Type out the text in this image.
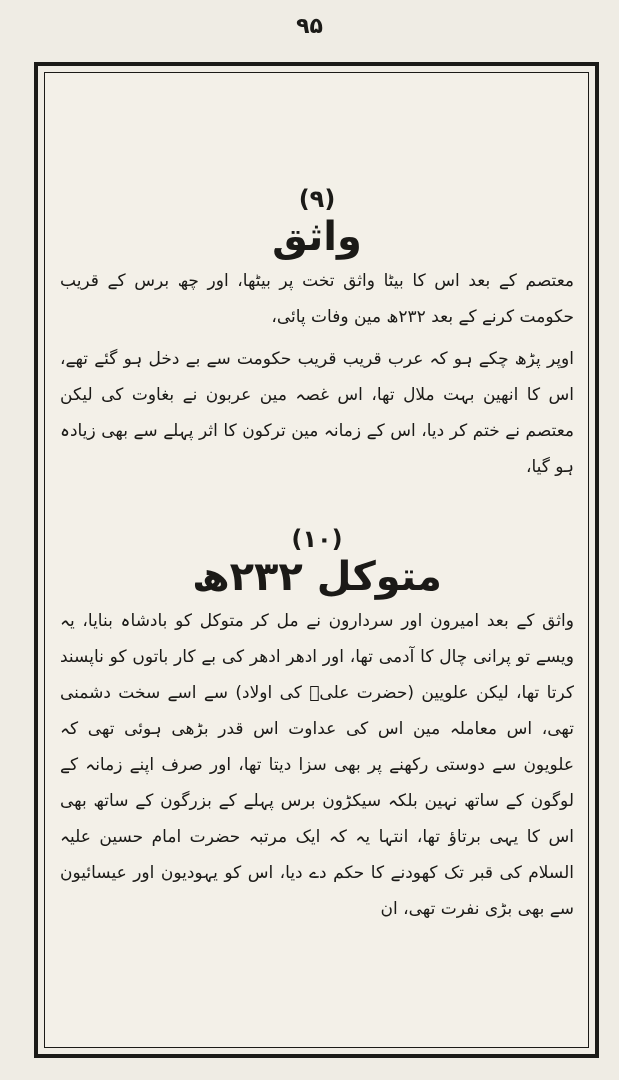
۹۵
(۹)
واثق

معتصم کے بعد اس کا بیٹا واثق تخت پر بیٹھا، اور چھ برس کے قریب حکومت کرنے کے بعد ۲۳۲ھ مین وفات پائی،

اوپر پڑھ چکے ہو کہ عرب قریب قریب حکومت سے بے دخل ہو گئے تھے، اس کا انھین بہت ملال تھا، اس غصہ مین عربون نے بغاوت کی لیکن معتصم نے ختم کر دیا، اس کے زمانہ مین ترکون کا اثر پہلے سے بھی زیادہ ہو گیا،

(۱۰)
متوکل ۲۳۲ھ

واثق کے بعد امیرون اور سردارون نے مل کر متوکل کو بادشاہ بنایا، یہ ویسے تو پرانی چال کا آدمی تھا، اور ادھر ادھر کی بے کار باتوں کو ناپسند کرتا تھا، لیکن علویین (حضرت علیؓ کی اولاد) سے اسے سخت دشمنی تھی، اس معاملہ مین اس کی عداوت اس قدر بڑھی ہوئی تھی کہ علویون سے دوستی رکھنے پر بھی سزا دیتا تھا، اور صرف اپنے زمانہ کے لوگون کے ساتھ نہین بلکہ سیکڑون برس پہلے کے بزرگون کے ساتھ بھی اس کا یہی برتاؤ تھا، انتہا یہ کہ ایک مرتبہ حضرت امام حسین علیہ السلام کی قبر تک کھودنے کا حکم دے دیا، اس کو یہودیون اور عیسائیون سے بھی بڑی نفرت تھی، ان
